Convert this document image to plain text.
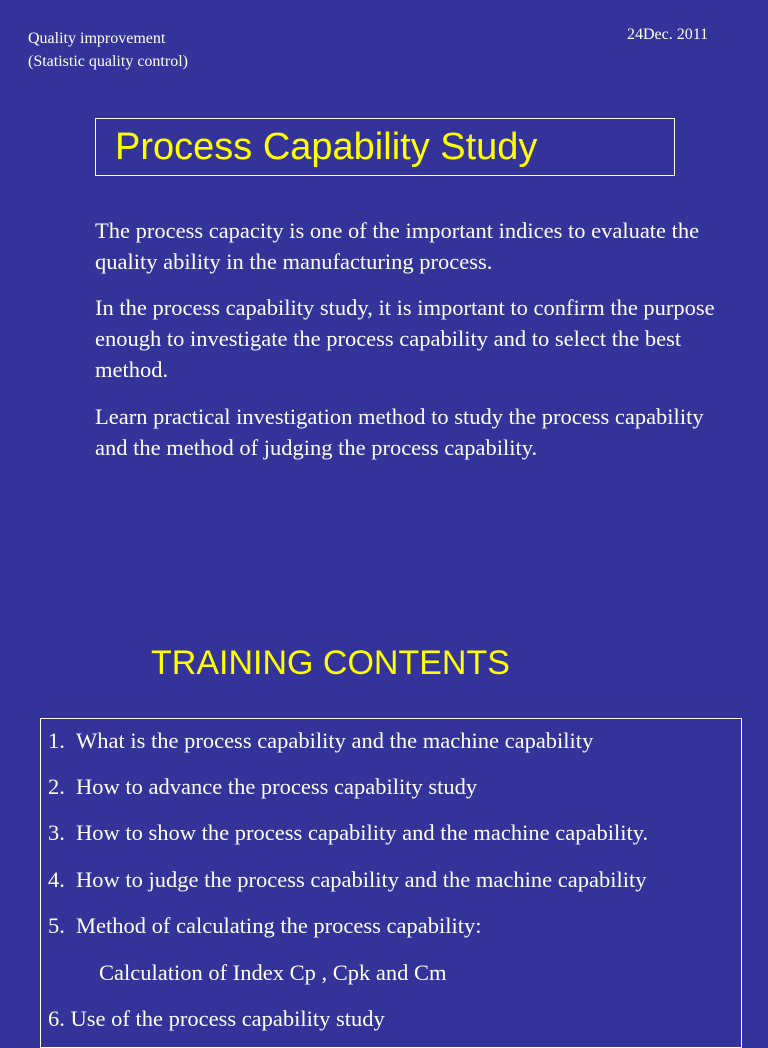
Quality improvement
(Statistic quality control)
24Dec. 2011
Process Capability Study

The process capacity is one of the important indices to evaluate the quality ability in the manufacturing process.

In the process capability study, it is important to confirm the purpose enough to investigate the process capability and to select the best method.

Learn practical investigation method to study the process capability and the method of judging the process capability.

TRAINING CONTENTS
1. What is the process capability and the machine capability
2. How to advance the process capability study
3. How to show the process capability and the machine capability.
4. How to judge the process capability and the machine capability
5. Method of calculating the process capability:
Calculation of Index Cp , Cpk and Cm
6. Use of the process capability study
